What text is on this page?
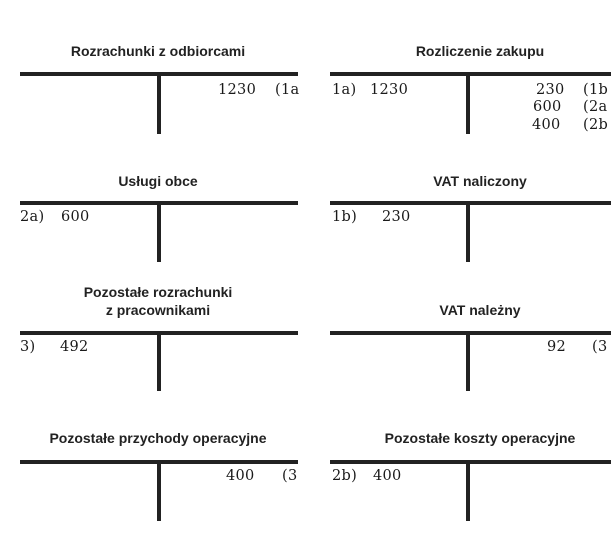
Rozrachunki z odbiorcami
1230 (1a
Rozliczenie zakupu
1a) 1230	230 (1b
600 (2a
400 (2b
Usługi obce
2a) 600
VAT naliczony
1b) 230
Pozostałe rozrachunki
z pracownikami
3) 492
VAT należny
92 (3
Pozostałe przychody operacyjne
400 (3
Pozostałe koszty operacyjne
2b) 400
